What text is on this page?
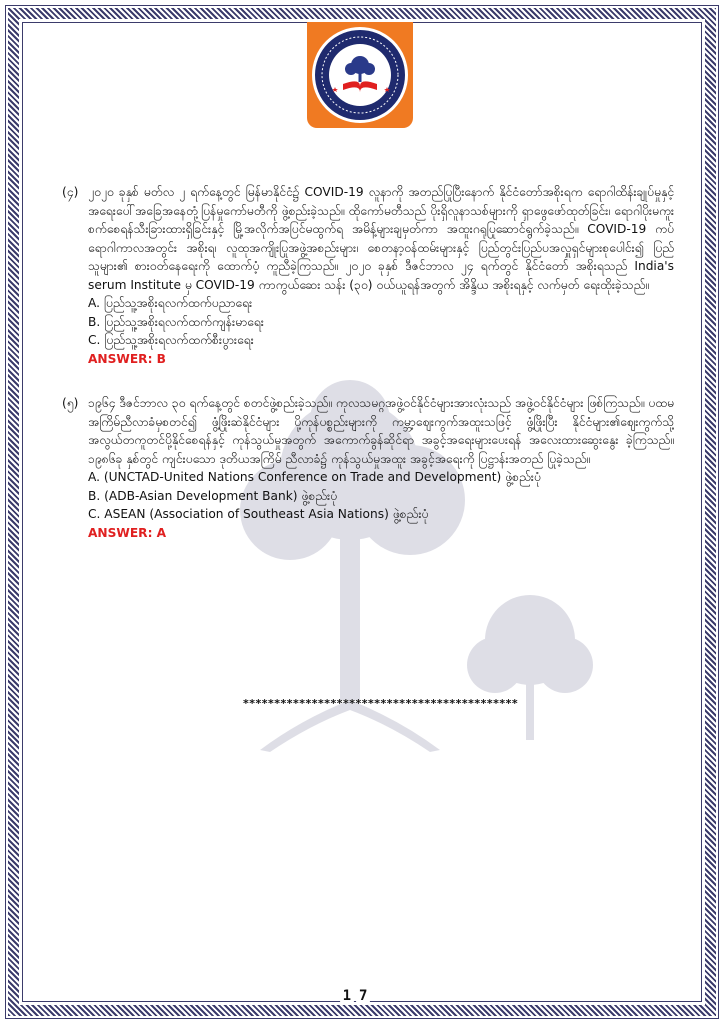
(၄) ၂၀၂၀ ခုနှစ် မတ်လ ၂ ရက်နေ့တွင် မြန်မာနိုင်ငံ၌ COVID-19 လူနာကို အတည်ပြုပြီးနောက် နိုင်ငံတော်အစိုးရက ရောဂါထိန်းချုပ်မှုနှင့် အရေးပေါ်အခြေအနေတုံ့ပြန်မှုကော်မတီကို ဖွဲ့စည်းခဲ့သည်။ ထိုကော်မတီသည် ပိုးရှိလူနာသစ်များကို ရှာဖွေဖော်ထုတ်ခြင်း၊ ရောဂါပိုးမကူးစက်စေရန်သီးခြားထားရှိခြင်းနှင့် မြို့အလိုက်အပြင်မထွက်ရ အမိန့်များချမှတ်ကာ အထူးဂရုပြုဆောင်ရွက်ခဲ့သည်။ COVID-19 ကပ်ရောဂါကာလအတွင်း အစိုးရ၊ လူထုအကျိုးပြုအဖွဲ့အစည်းများ၊ စေတနာ့ဝန်ထမ်းများနှင့် ပြည်တွင်းပြည်ပအလှူရှင်များစုပေါင်း၍ ပြည်သူများ၏ စားဝတ်နေရေးကို ထောက်ပံ့ ကူညီခဲ့ကြသည်။ ၂၀၂၀ ခုနှစ် ဒီဇင်ဘာလ ၂၄ ရက်တွင် နိုင်ငံတော် အစိုးရသည် India's serum Institute မှ COVID-19 ကာကွယ်ဆေး သန်း (၃၀) ဝယ်ယူရန်အတွက် အိန္ဒိယ အစိုးရနှင့် လက်မှတ် ရေးထိုးခဲ့သည်။
A. ပြည်သူ့အစိုးရလက်ထက်ပညာရေး
B. ပြည်သူ့အစိုးရလက်ထက်ကျန်းမာရေး
C. ပြည်သူ့အစိုးရလက်ထက်စီးပွားရေး
ANSWER: B
(၅) ၁၉၆၄ ဒီဇင်ဘာလ ၃၀ ရက်နေ့တွင် စတင်ဖွဲ့စည်းခဲ့သည်။ ကုလသမဂ္ဂအဖွဲ့ဝင်နိုင်ငံများအားလုံးသည် အဖွဲ့ဝင်နိုင်ငံများ ဖြစ်ကြသည်။ ပထမအကြိမ်ညီလာခံမှစတင်၍ ဖွံ့ဖြိုးဆဲနိုင်ငံများ ပို့ကုန်ပစ္စည်းများကို ကမ္ဘာ့ဈေးကွက်အထူးသဖြင့် ဖွံ့ဖြိုးပြီး နိုင်ငံများ၏ဈေးကွက်သို့ အလွယ်တကူတင်ပို့နိုင်စေရန်နှင့် ကုန်သွယ်မှုအတွက် အကောက်ခွန်ဆိုင်ရာ အခွင့်အရေးများပေးရန် အလေးထားဆွေးနွေး ခဲ့ကြသည်။ ၁၉၈၆ခု နှစ်တွင် ကျင်းပသော ဒုတိယအကြိမ် ညီလာခံ၌ ကုန်သွယ်မှုအထူး အခွင့်အရေးကို ပြဋ္ဌာန်းအတည် ပြုခဲ့သည်။
A. (UNCTAD-United Nations Conference on Trade and Development) ဖွဲ့စည်းပုံ
B. (ADB-Asian Development Bank) ဖွဲ့စည်းပုံ
C. ASEAN (Association of Southeast Asia Nations) ဖွဲ့စည်းပုံ
ANSWER: A
********************************************
1 7
